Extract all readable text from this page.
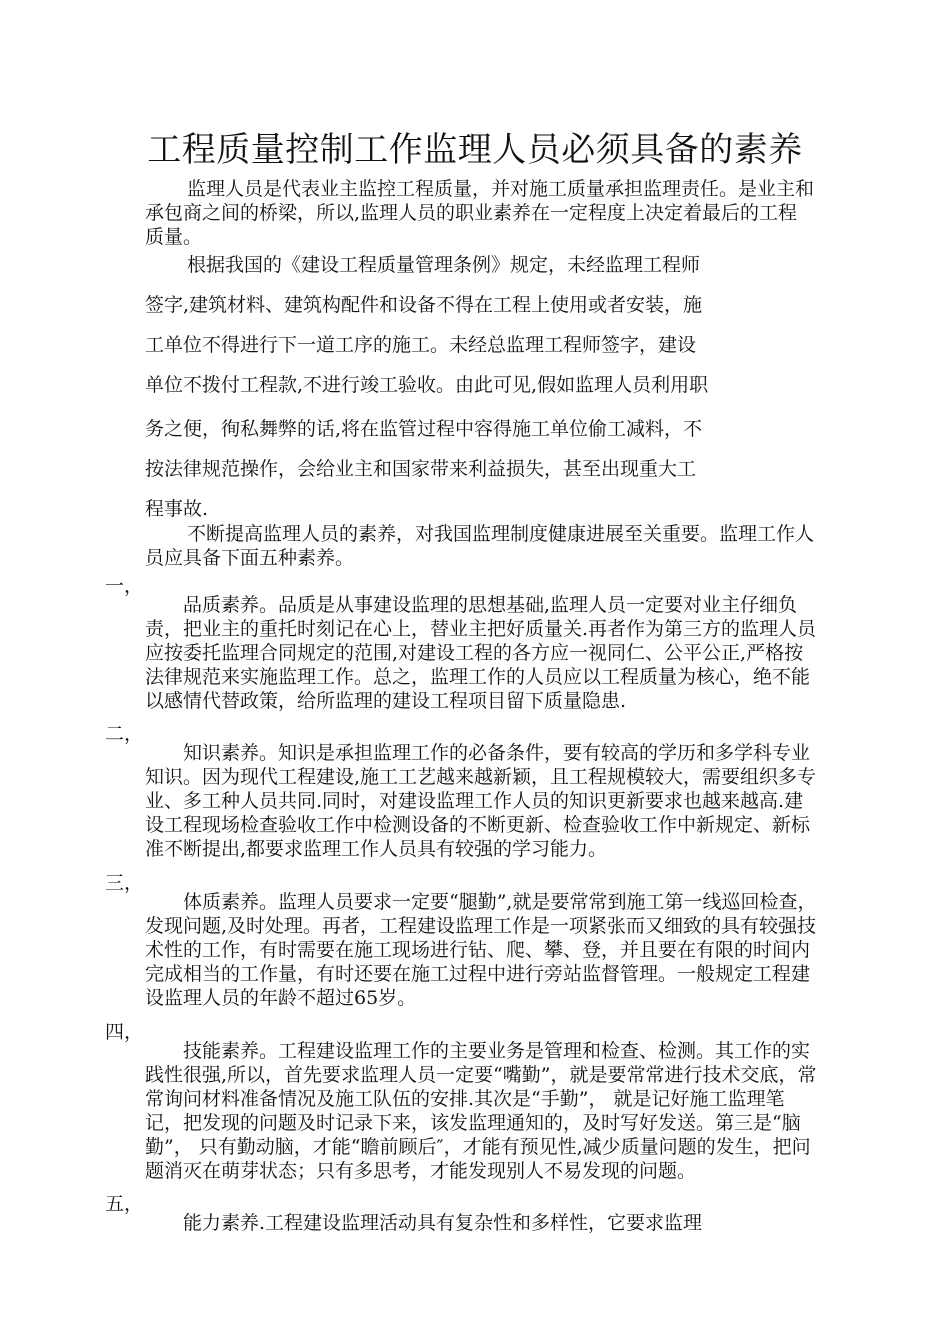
工程质量控制工作监理人员必须具备的素养

监理人员是代表业主监控工程质量，并对施工质量承担监理责任。是业主和承包商之间的桥梁，所以,监理人员的职业素养在一定程度上决定着最后的工程质量。

根据我国的《建设工程质量管理条例》规定，未经监理工程师
签字,建筑材料、建筑构配件和设备不得在工程上使用或者安装，施
工单位不得进行下一道工序的施工。未经总监理工程师签字，建设
单位不拨付工程款,不进行竣工验收。由此可见,假如监理人员利用职

务之便，徇私舞弊的话,将在监管过程中容得施工单位偷工减料，不
按法律规范操作，会给业主和国家带来利益损失，甚至出现重大工
程事故.

不断提高监理人员的素养，对我国监理制度健康进展至关重要。监理工作人员应具备下面五种素养。

一，

品质素养。品质是从事建设监理的思想基础,监理人员一定要对业主仔细负责，把业主的重托时刻记在心上，替业主把好质量关.再者作为第三方的监理人员应按委托监理合同规定的范围,对建设工程的各方应一视同仁、公平公正,严格按法律规范来实施监理工作。总之，监理工作的人员应以工程质量为核心，绝不能以感情代替政策，给所监理的建设工程项目留下质量隐患.

二，

知识素养。知识是承担监理工作的必备条件，要有较高的学历和多学科专业知识。因为现代工程建设,施工工艺越来越新颖，且工程规模较大，需要组织多专业、多工种人员共同.同时，对建设监理工作人员的知识更新要求也越来越高.建设工程现场检查验收工作中检测设备的不断更新、检查验收工作中新规定、新标准不断提出,都要求监理工作人员具有较强的学习能力。

三，

体质素养。监理人员要求一定要“腿勤”,就是要常常到施工第一线巡回检查，发现问题,及时处理。再者，工程建设监理工作是一项紧张而又细致的具有较强技术性的工作，有时需要在施工现场进行钻、爬、攀、登，并且要在有限的时间内完成相当的工作量，有时还要在施工过程中进行旁站监督管理。一般规定工程建设监理人员的年龄不超过65岁。

四，

技能素养。工程建设监理工作的主要业务是管理和检查、检测。其工作的实践性很强,所以，首先要求监理人员一定要“嘴勤”，就是要常常进行技术交底，常常询问材料准备情况及施工队伍的安排.其次是“手勤”， 就是记好施工监理笔记，把发现的问题及时记录下来，该发监理通知的，及时写好发送。第三是“脑勤”， 只有勤动脑，才能“瞻前顾后″，才能有预见性,减少质量问题的发生，把问题消灭在萌芽状态；只有多思考，才能发现别人不易发现的问题。

五，

能力素养.工程建设监理活动具有复杂性和多样性，它要求监理
